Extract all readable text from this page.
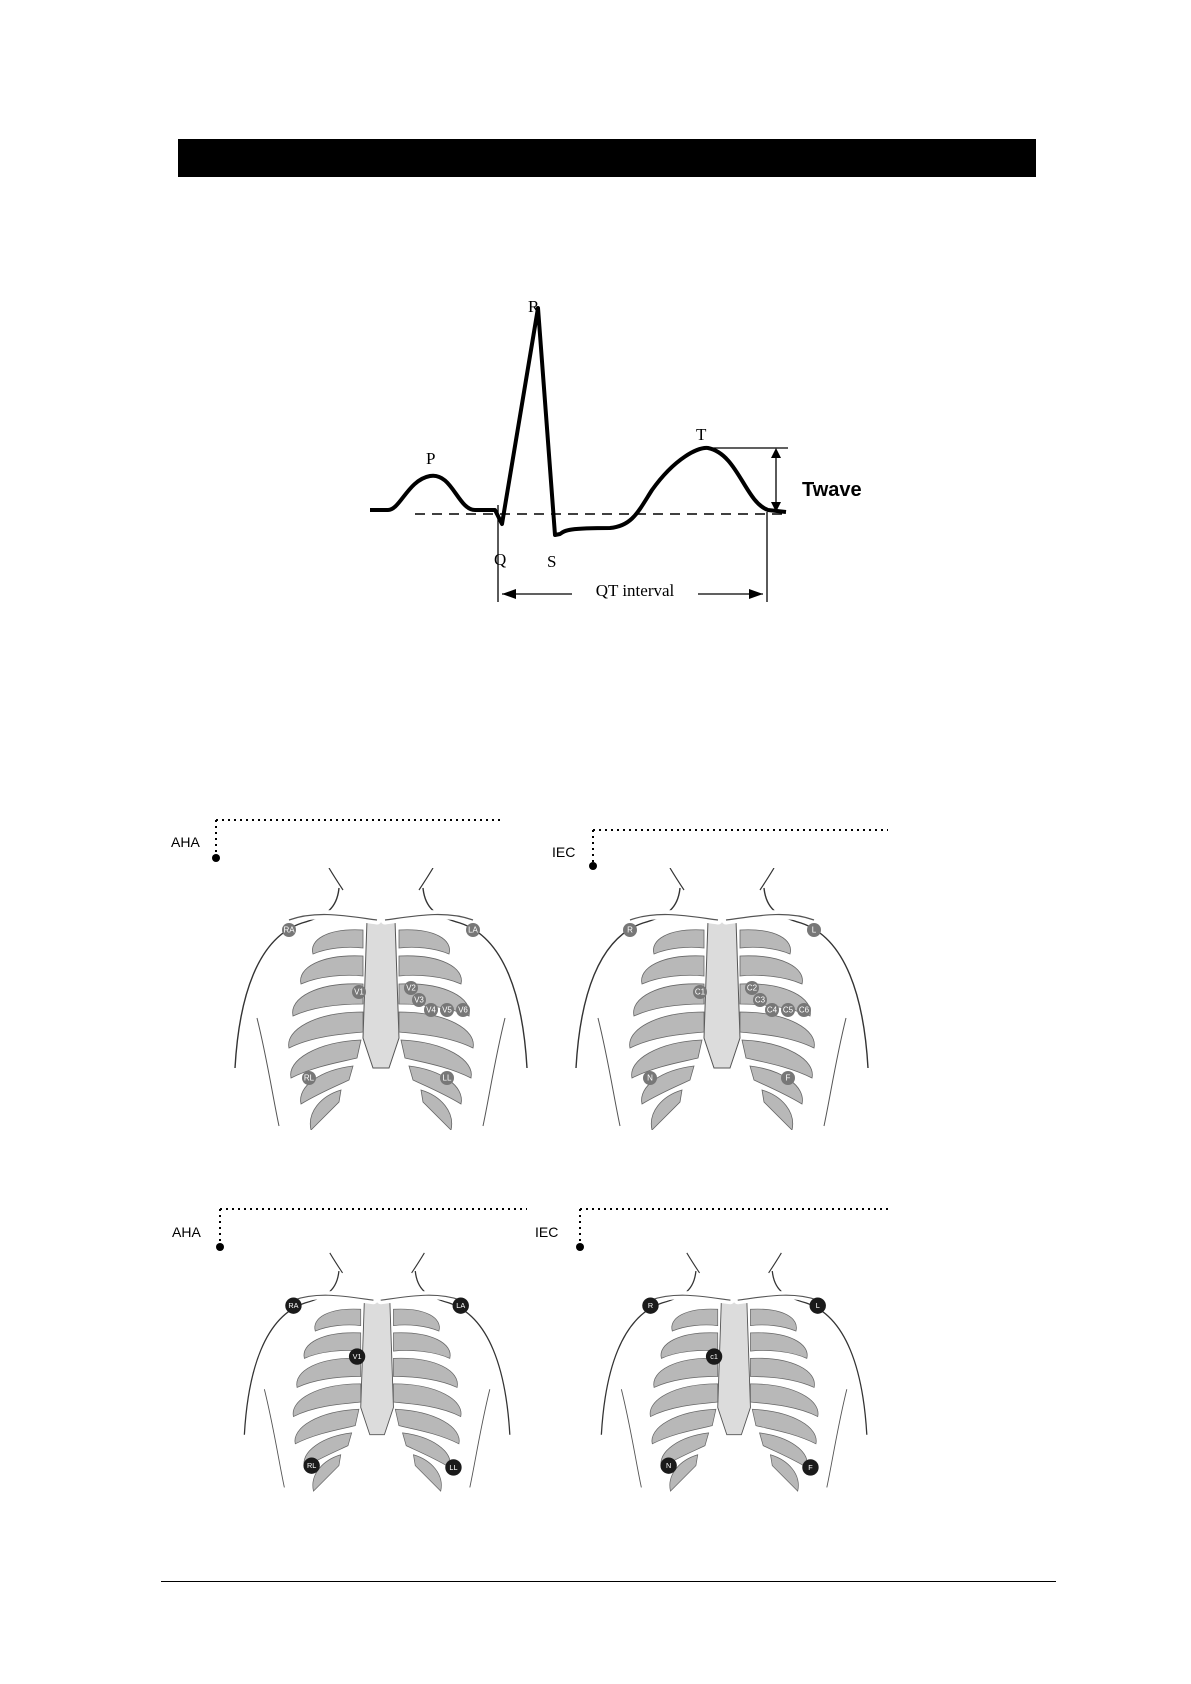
QT interval
R
P
T
Q S
Twave
AHA
RA	LA
V1	V2
V3
V4 V5 V6
RL	LL
IEC
R	L
C1	C2
C3
C4 C5 C6
N	F
AHA
RA	LA
V1
RL	LL
IEC
R	L
c1
N	F
